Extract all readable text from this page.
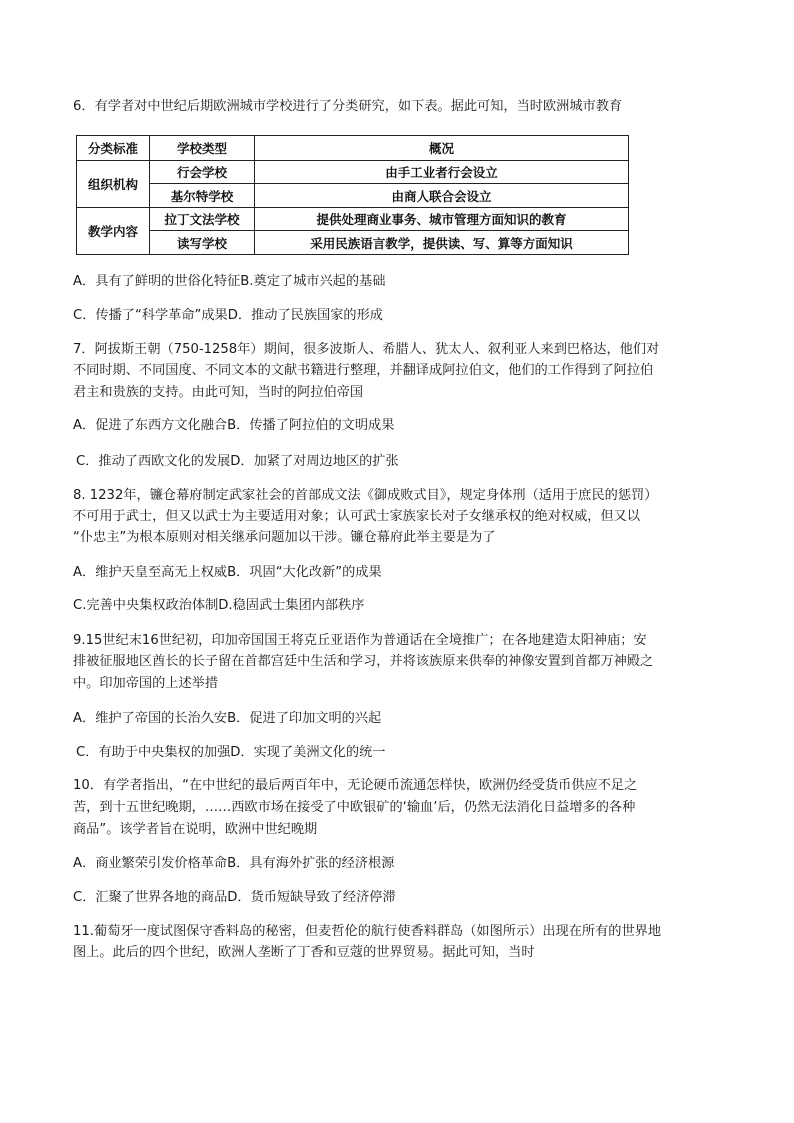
6．有学者对中世纪后期欧洲城市学校进行了分类研究，如下表。据此可知，当时欧洲城市教育
分类标准	学校类型	概况
组织机构	行会学校	由手工业者行会设立
	基尔特学校	由商人联合会设立
教学内容	拉丁文法学校	提供处理商业事务、城市管理方面知识的教育
	读写学校	采用民族语言教学，提供读、写、算等方面知识
A．具有了鲜明的世俗化特征B.奠定了城市兴起的基础
C．传播了“科学革命”成果D．推动了民族国家的形成
7．阿拔斯王朝（750-1258年）期间，很多波斯人、希腊人、犹太人、叙利亚人来到巴格达，他们对
不同时期、不同国度、不同文本的文献书籍进行整理，并翻译成阿拉伯文，他们的工作得到了阿拉伯
君主和贵族的支持。由此可知，当时的阿拉伯帝国
A．促进了东西方文化融合B．传播了阿拉伯的文明成果
C．推动了西欧文化的发展D．加紧了对周边地区的扩张
8. 1232年，镰仓幕府制定武家社会的首部成文法《御成败式目》，规定身体刑（适用于庶民的惩罚）
不可用于武士，但又以武士为主要适用对象；认可武士家族家长对子女继承权的绝对权威，但又以
“仆忠主”为根本原则对相关继承问题加以干涉。镰仓幕府此举主要是为了
A．维护天皇至高无上权威B．巩固“大化改新”的成果
C.完善中央集权政治体制D.稳固武士集团内部秩序
9.15世纪末16世纪初，印加帝国国王将克丘亚语作为普通话在全境推广；在各地建造太阳神庙；安
排被征服地区酋长的长子留在首都宫廷中生活和学习，并将该族原来供奉的神像安置到首都万神殿之
中。印加帝国的上述举措
A．维护了帝国的长治久安B．促进了印加文明的兴起
C．有助于中央集权的加强D．实现了美洲文化的统一
10．有学者指出，“在中世纪的最后两百年中，无论硬币流通怎样快，欧洲仍经受货币供应不足之
苦，到十五世纪晚期，……西欧市场在接受了中欧银矿的‘输血’后，仍然无法消化日益增多的各种
商品”。该学者旨在说明，欧洲中世纪晚期
A．商业繁荣引发价格革命B．具有海外扩张的经济根源
C．汇聚了世界各地的商品D．货币短缺导致了经济停滞
11.葡萄牙一度试图保守香料岛的秘密，但麦哲伦的航行使香料群岛（如图所示）出现在所有的世界地
图上。此后的四个世纪，欧洲人垄断了丁香和豆蔻的世界贸易。据此可知，当时
